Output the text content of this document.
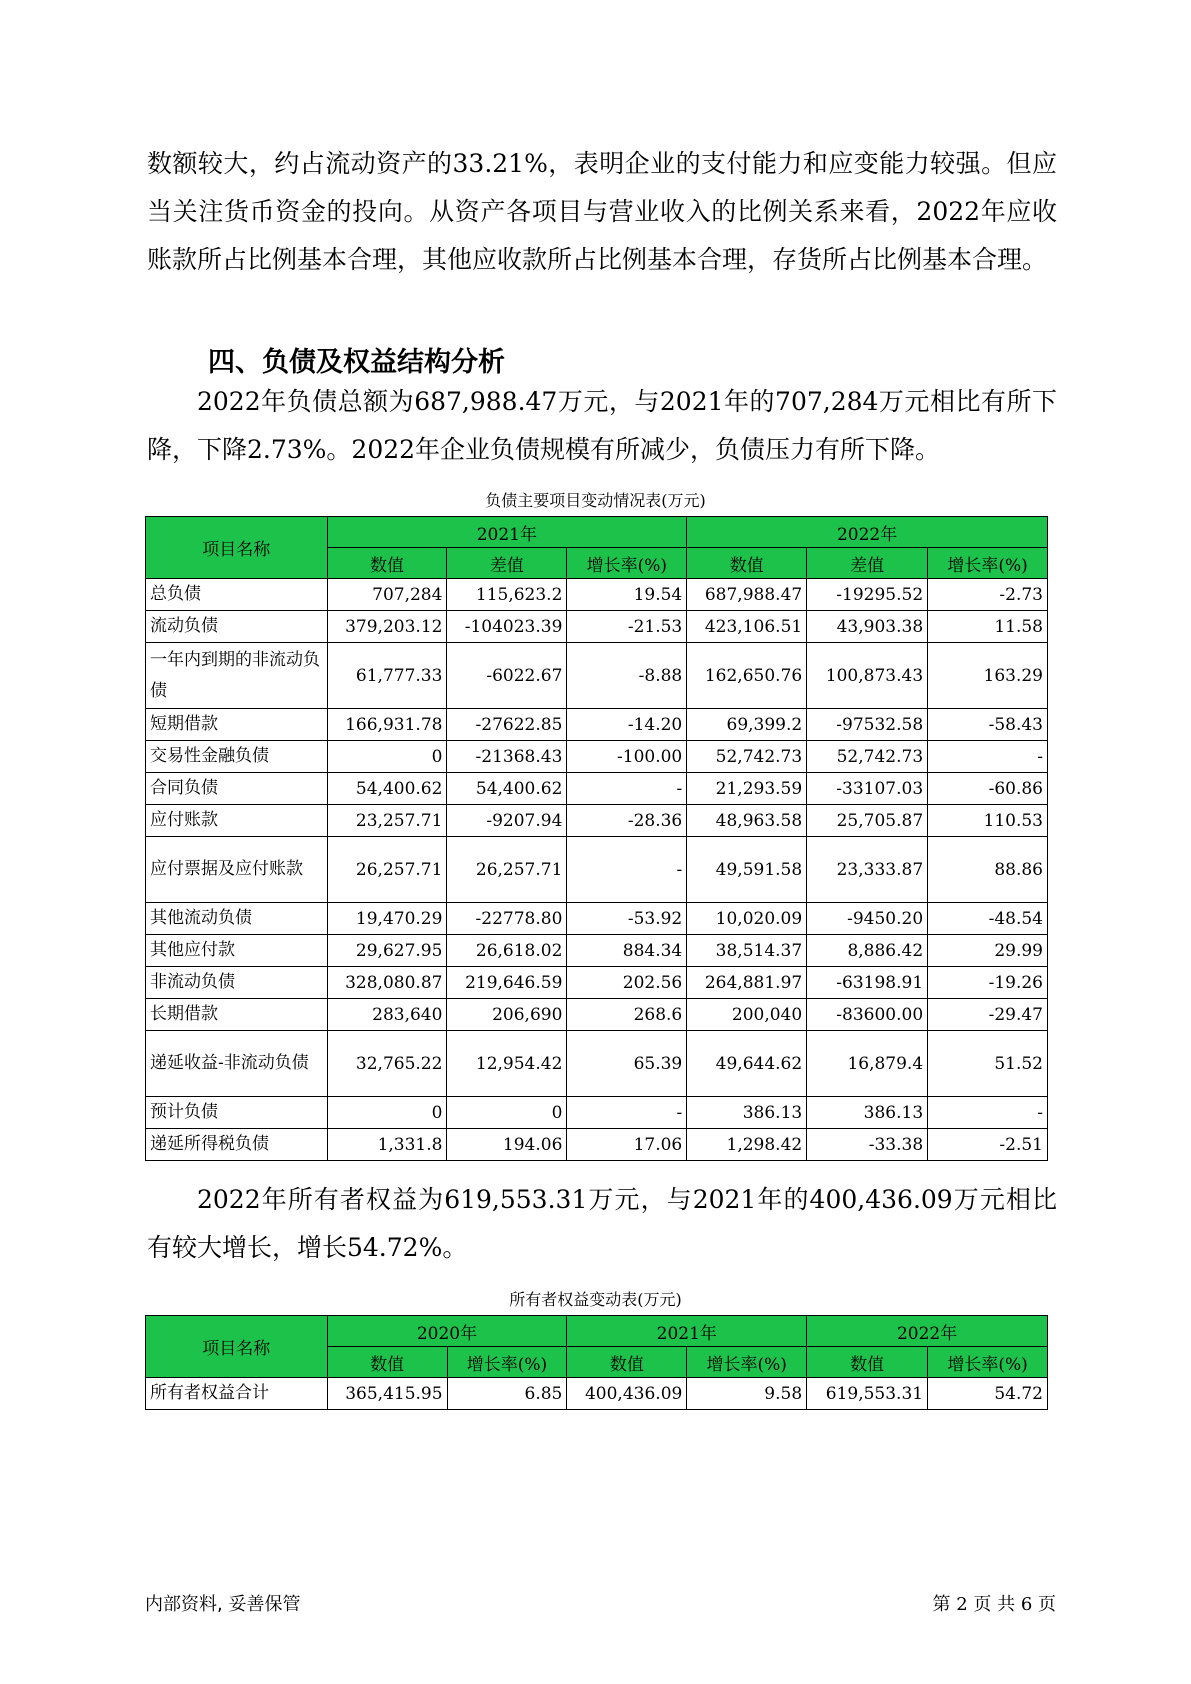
数额较大，约占流动资产的33.21%，表明企业的支付能力和应变能力较强。但应当关注货币资金的投向。从资产各项目与营业收入的比例关系来看，2022年应收账款所占比例基本合理，其他应收款所占比例基本合理，存货所占比例基本合理。

四、负债及权益结构分析

2022年负债总额为687,988.47万元，与2021年的707,284万元相比有所下降，下降2.73%。2022年企业负债规模有所减少，负债压力有所下降。

负债主要项目变动情况表(万元)
项目名称	2021年			2022年		
	数值	差值	增长率(%)	数值	差值	增长率(%)
总负债	707,284	115,623.2	19.54	687,988.47	-19295.52	-2.73
流动负债	379,203.12	-104023.39	-21.53	423,106.51	43,903.38	11.58
一年内到期的非流动负债	61,777.33	-6022.67	-8.88	162,650.76	100,873.43	163.29
短期借款	166,931.78	-27622.85	-14.20	69,399.2	-97532.58	-58.43
交易性金融负债	0	-21368.43	-100.00	52,742.73	52,742.73	-
合同负债	54,400.62	54,400.62	-	21,293.59	-33107.03	-60.86
应付账款	23,257.71	-9207.94	-28.36	48,963.58	25,705.87	110.53
应付票据及应付账款	26,257.71	26,257.71	-	49,591.58	23,333.87	88.86
其他流动负债	19,470.29	-22778.80	-53.92	10,020.09	-9450.20	-48.54
其他应付款	29,627.95	26,618.02	884.34	38,514.37	8,886.42	29.99
非流动负债	328,080.87	219,646.59	202.56	264,881.97	-63198.91	-19.26
长期借款	283,640	206,690	268.6	200,040	-83600.00	-29.47
递延收益-非流动负债	32,765.22	12,954.42	65.39	49,644.62	16,879.4	51.52
预计负债	0	0	-	386.13	386.13	-
递延所得税负债	1,331.8	194.06	17.06	1,298.42	-33.38	-2.51

2022年所有者权益为619,553.31万元，与2021年的400,436.09万元相比有较大增长，增长54.72%。

所有者权益变动表(万元)
项目名称	2020年		2021年		2022年	
	数值	增长率(%)	数值	增长率(%)	数值	增长率(%)
所有者权益合计	365,415.95	6.85	400,436.09	9.58	619,553.31	54.72
内部资料, 妥善保管	第 2 页 共 6 页
